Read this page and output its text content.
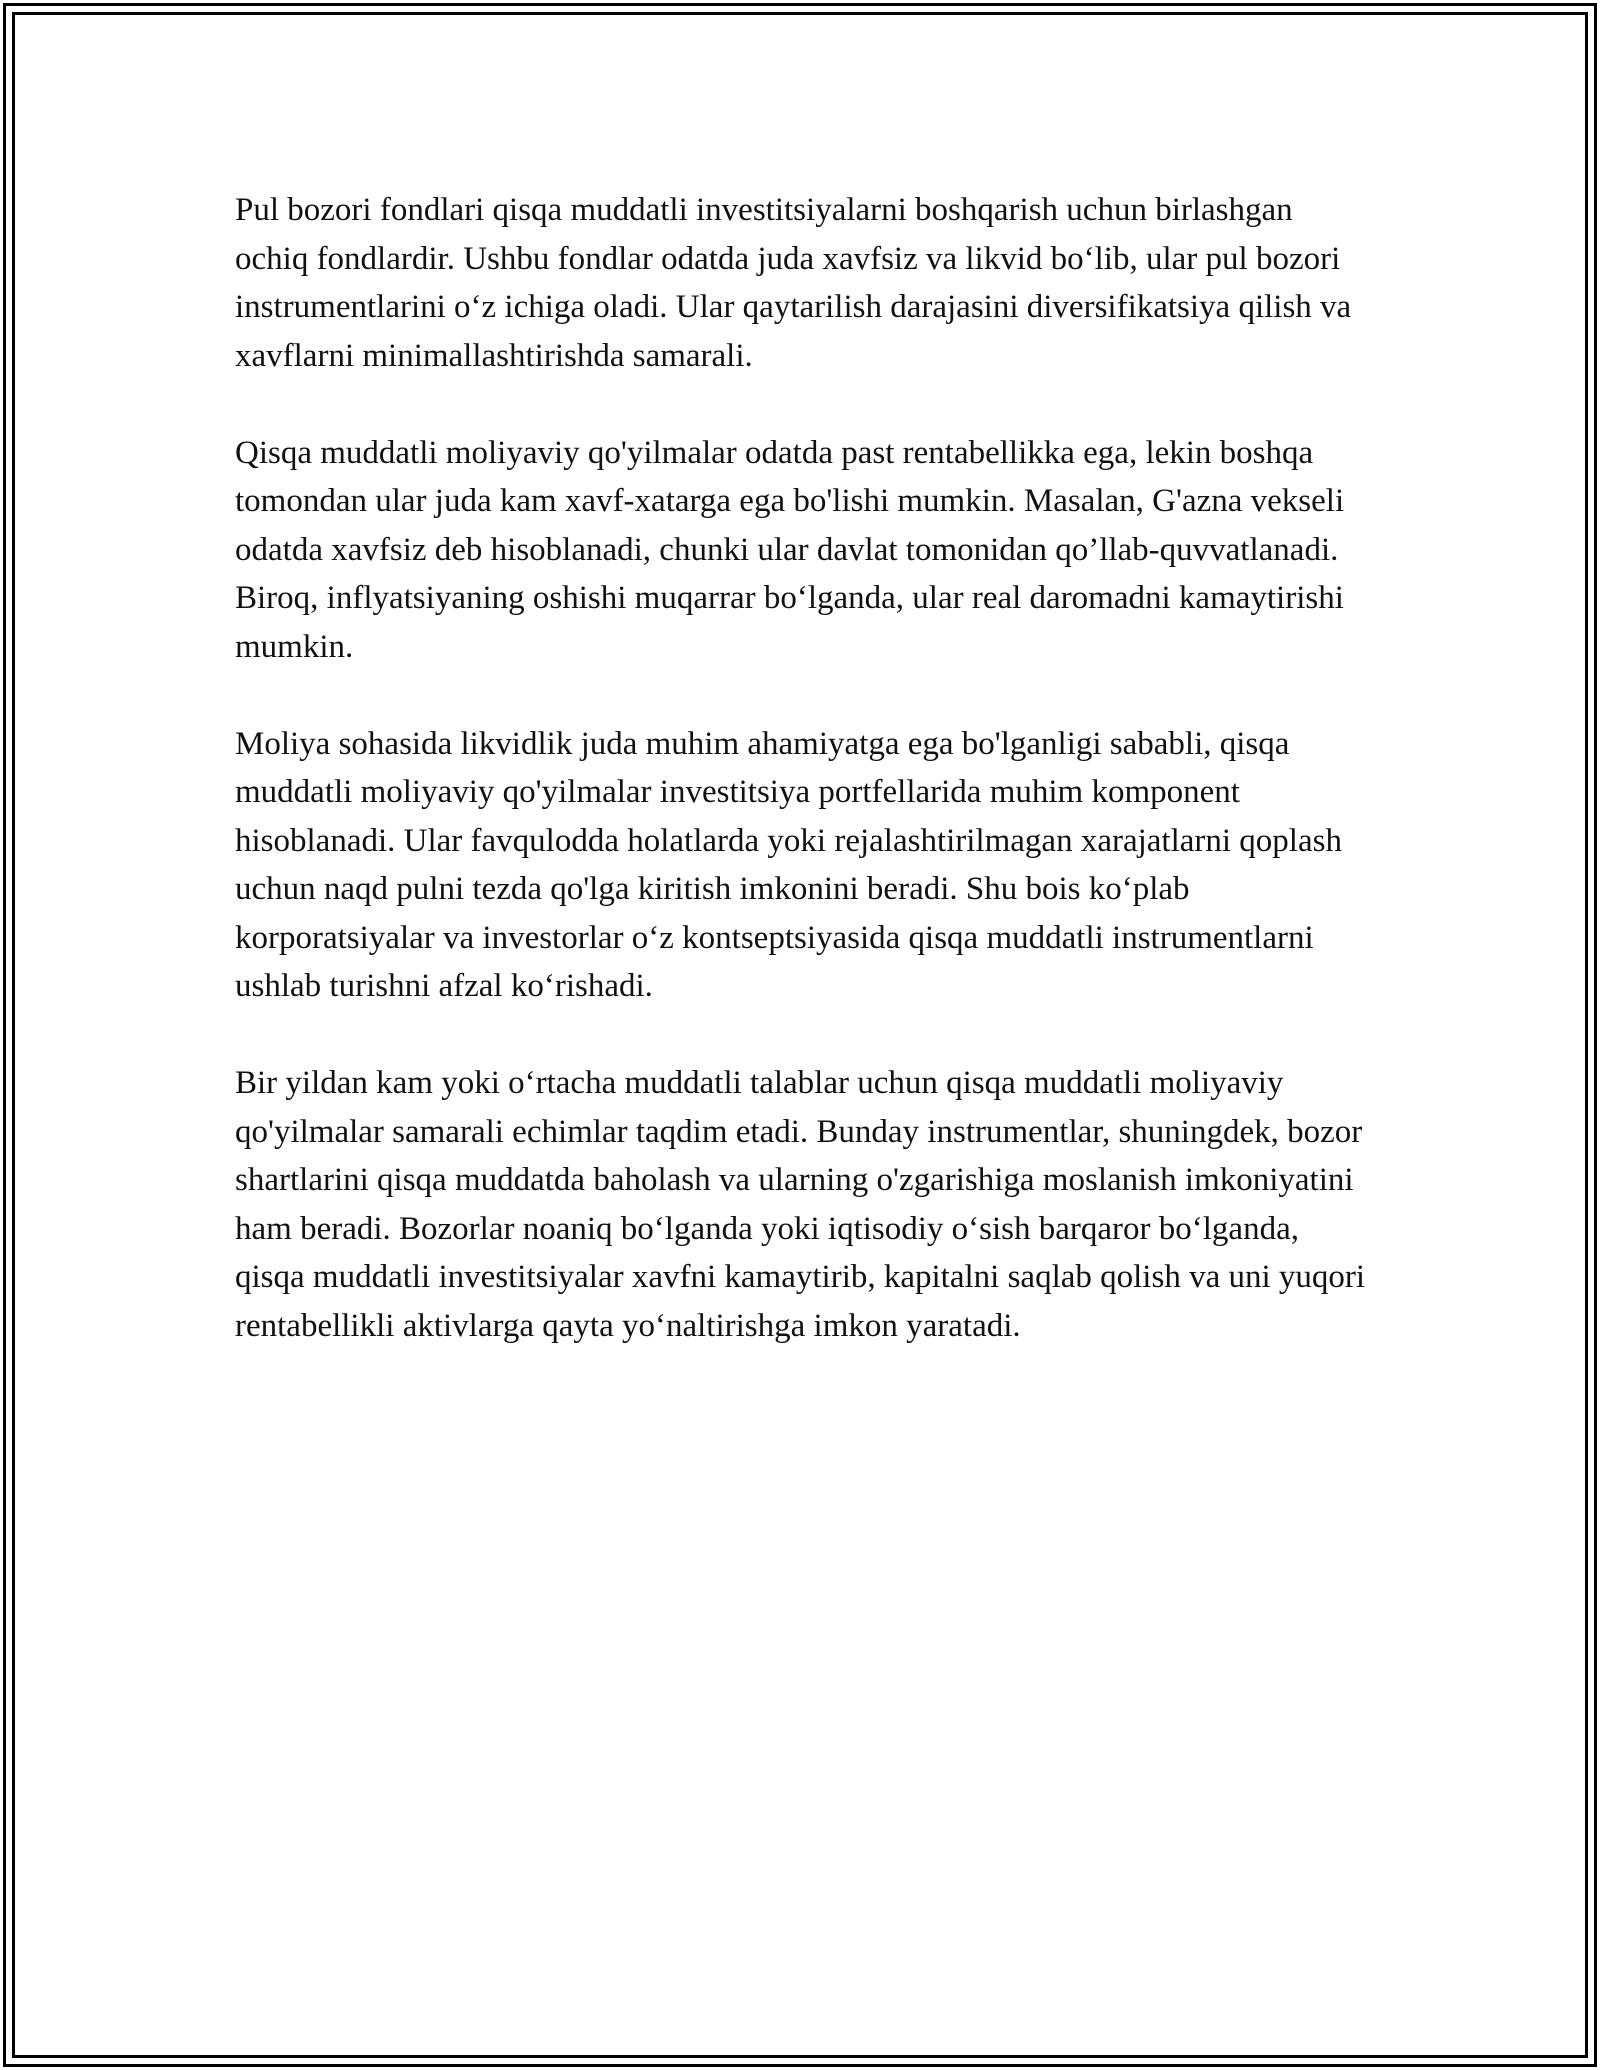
Pul bozori fondlari qisqa muddatli investitsiyalarni boshqarish uchun birlashgan ochiq fondlardir. Ushbu fondlar odatda juda xavfsiz va likvid bo‘lib, ular pul bozori instrumentlarini o‘z ichiga oladi. Ular qaytarilish darajasini diversifikatsiya qilish va xavflarni minimallashtirishda samarali.

Qisqa muddatli moliyaviy qo'yilmalar odatda past rentabellikka ega, lekin boshqa tomondan ular juda kam xavf-xatarga ega bo'lishi mumkin. Masalan, G'azna vekseli odatda xavfsiz deb hisoblanadi, chunki ular davlat tomonidan qo’llab-quvvatlanadi. Biroq, inflyatsiyaning oshishi muqarrar bo‘lganda, ular real daromadni kamaytirishi mumkin.

Moliya sohasida likvidlik juda muhim ahamiyatga ega bo'lganligi sababli, qisqa muddatli moliyaviy qo'yilmalar investitsiya portfellarida muhim komponent hisoblanadi. Ular favqulodda holatlarda yoki rejalashtirilmagan xarajatlarni qoplash uchun naqd pulni tezda qo'lga kiritish imkonini beradi. Shu bois ko‘plab korporatsiyalar va investorlar o‘z kontseptsiyasida qisqa muddatli instrumentlarni ushlab turishni afzal ko‘rishadi.

Bir yildan kam yoki o‘rtacha muddatli talablar uchun qisqa muddatli moliyaviy qo'yilmalar samarali echimlar taqdim etadi. Bunday instrumentlar, shuningdek, bozor shartlarini qisqa muddatda baholash va ularning o'zgarishiga moslanish imkoniyatini ham beradi. Bozorlar noaniq bo‘lganda yoki iqtisodiy o‘sish barqaror bo‘lganda, qisqa muddatli investitsiyalar xavfni kamaytirib, kapitalni saqlab qolish va uni yuqori rentabellikli aktivlarga qayta yo‘naltirishga imkon yaratadi.
